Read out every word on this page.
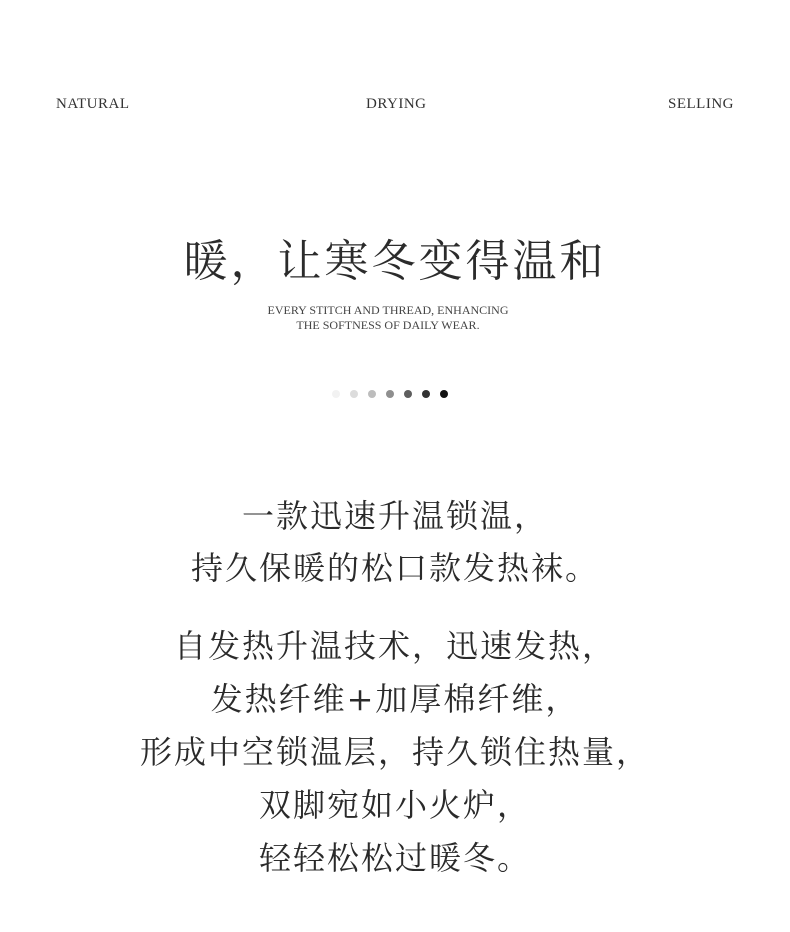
NATURAL	DRYING	SELLING
暖，让寒冬变得温和
EVERY STITCH AND THREAD, ENHANCING
THE SOFTNESS OF DAILY WEAR.
一款迅速升温锁温，
持久保暖的松口款发热袜。
自发热升温技术，迅速发热，
发热纤维+加厚棉纤维，
形成中空锁温层，持久锁住热量，
双脚宛如小火炉，
轻轻松松过暖冬。
